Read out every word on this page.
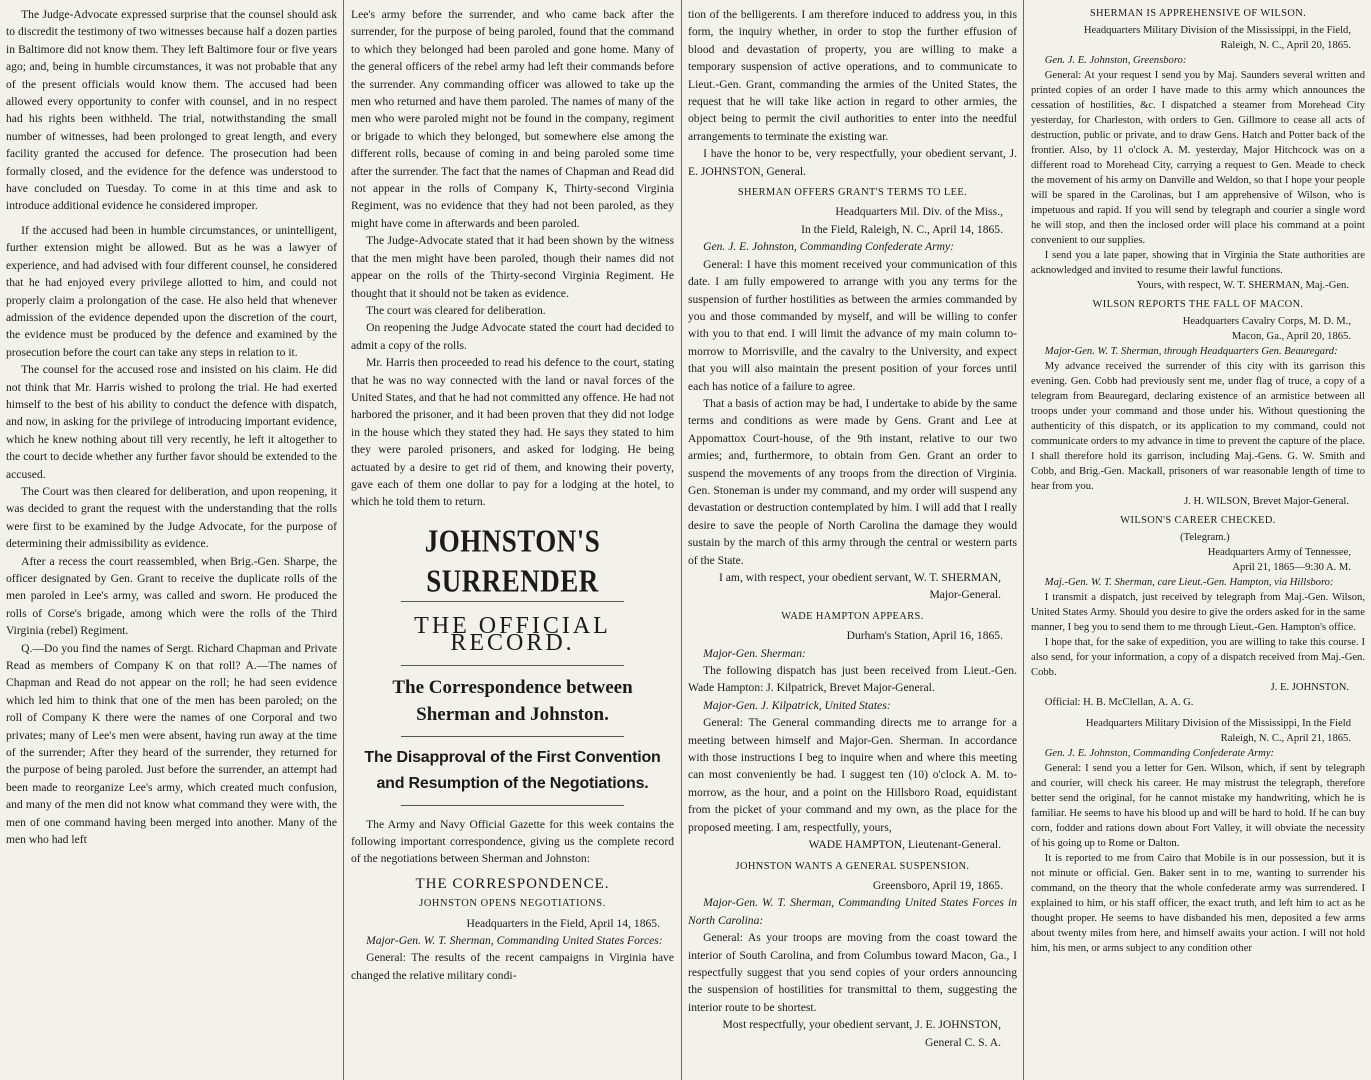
The Judge-Advocate expressed surprise that the counsel should ask to discredit the testimony of two witnesses because half a dozen parties in Baltimore did not know them. They left Baltimore four or five years ago; and, being in humble circumstances, it was not probable that any of the present officials would know them. The accused had been allowed every opportunity to confer with counsel, and in no respect had his rights been withheld. The trial, notwithstanding the small number of witnesses, had been prolonged to great length, and every facility granted the accused for defence. The prosecution had been formally closed, and the evidence for the defence was understood to have concluded on Tuesday. To come in at this time and ask to introduce additional evidence he considered improper.

If the accused had been in humble circumstances, or unintelligent, further extension might be allowed. But as he was a lawyer of experience, and had advised with four different counsel, he considered that he had enjoyed every privilege allotted to him, and could not properly claim a prolongation of the case. He also held that whenever admission of the evidence depended upon the discretion of the court, the evidence must be produced by the defence and examined by the prosecution before the court can take any steps in relation to it.

The counsel for the accused rose and insisted on his claim. He did not think that Mr. Harris wished to prolong the trial. He had exerted himself to the best of his ability to conduct the defence with dispatch, and now, in asking for the privilege of introducing important evidence, which he knew nothing about till very recently, he left it altogether to the court to decide whether any further favor should be extended to the accused.

The Court was then cleared for deliberation, and upon reopening, it was decided to grant the request with the understanding that the rolls were first to be examined by the Judge Advocate, for the purpose of determining their admissibility as evidence.

After a recess the court reassembled, when Brig.-Gen. Sharpe, the officer designated by Gen. Grant to receive the duplicate rolls of the men paroled in Lee's army, was called and sworn. He produced the rolls of Corse's brigade, among which were the rolls of the Third Virginia (rebel) Regiment.

Q.—Do you find the names of Sergt. Richard Chapman and Private Read as members of Company K on that roll? A.—The names of Chapman and Read do not appear on the roll; he had seen evidence which led him to think that one of the men has been paroled; on the roll of Company K there were the names of one Corporal and two privates; many of Lee's men were absent, having run away at the time of the surrender; After they heard of the surrender, they returned for the purpose of being paroled. Just before the surrender, an attempt had been made to reorganize Lee's army, which created much confusion, and many of the men did not know what command they were with, the men of one command having been merged into another. Many of the men who had left

Lee's army before the surrender, and who came back after the surrender, for the purpose of being paroled, found that the command to which they belonged had been paroled and gone home. Many of the general officers of the rebel army had left their commands before the surrender. Any commanding officer was allowed to take up the men who returned and have them paroled. The names of many of the men who were paroled might not be found in the company, regiment or brigade to which they belonged, but somewhere else among the different rolls, because of coming in and being paroled some time after the surrender. The fact that the names of Chapman and Read did not appear in the rolls of Company K, Thirty-second Virginia Regiment, was no evidence that they had not been paroled, as they might have come in afterwards and been paroled.

The Judge-Advocate stated that it had been shown by the witness that the men might have been paroled, though their names did not appear on the rolls of the Thirty-second Virginia Regiment. He thought that it should not be taken as evidence.

The court was cleared for deliberation.

On reopening the Judge Advocate stated the court had decided to admit a copy of the rolls.

Mr. Harris then proceeded to read his defence to the court, stating that he was no way connected with the land or naval forces of the United States, and that he had not committed any offence. He had not harbored the prisoner, and it had been proven that they did not lodge in the house which they stated they had. He says they stated to him they were paroled prisoners, and asked for lodging. He being actuated by a desire to get rid of them, and knowing their poverty, gave each of them one dollar to pay for a lodging at the hotel, to which he told them to return.

JOHNSTON'S SURRENDER
THE OFFICIAL RECORD.
The Correspondence between Sherman and Johnston.
The Disapproval of the First Convention and Resumption of the Negotiations.

The Army and Navy Official Gazette for this week contains the following important correspondence, giving us the complete record of the negotiations between Sherman and Johnston:

THE CORRESPONDENCE.
JOHNSTON OPENS NEGOTIATIONS.

Headquarters in the Field, April 14, 1865.

Major-Gen. W. T. Sherman, Commanding United States Forces:

General: The results of the recent campaigns in Virginia have changed the relative military condi-

tion of the belligerents. I am therefore induced to address you, in this form, the inquiry whether, in order to stop the further effusion of blood and devastation of property, you are willing to make a temporary suspension of active operations, and to communicate to Lieut.-Gen. Grant, commanding the armies of the United States, the request that he will take like action in regard to other armies, the object being to permit the civil authorities to enter into the needful arrangements to terminate the existing war.

I have the honor to be, very respectfully, your obedient servant, J. E. JOHNSTON, General.

SHERMAN OFFERS GRANT'S TERMS TO LEE.

Headquarters Mil. Div. of the Miss.,

In the Field, Raleigh, N. C., April 14, 1865.

Gen. J. E. Johnston, Commanding Confederate Army:

General: I have this moment received your communication of this date. I am fully empowered to arrange with you any terms for the suspension of further hostilities as between the armies commanded by you and those commanded by myself, and will be willing to confer with you to that end. I will limit the advance of my main column to-morrow to Morrisville, and the cavalry to the University, and expect that you will also maintain the present position of your forces until each has notice of a failure to agree.

That a basis of action may be had, I undertake to abide by the same terms and conditions as were made by Gens. Grant and Lee at Appomattox Court-house, of the 9th instant, relative to our two armies; and, furthermore, to obtain from Gen. Grant an order to suspend the movements of any troops from the direction of Virginia. Gen. Stoneman is under my command, and my order will suspend any devastation or destruction contemplated by him. I will add that I really desire to save the people of North Carolina the damage they would sustain by the march of this army through the central or western parts of the State.

I am, with respect, your obedient servant, W. T. SHERMAN, Major-General.

WADE HAMPTON APPEARS.

Durham's Station, April 16, 1865.

Major-Gen. Sherman:

The following dispatch has just been received from Lieut.-Gen. Wade Hampton: J. Kilpatrick, Brevet Major-General.

Major-Gen. J. Kilpatrick, United States:

General: The General commanding directs me to arrange for a meeting between himself and Major-Gen. Sherman. In accordance with those instructions I beg to inquire when and where this meeting can most conveniently be had. I suggest ten (10) o'clock A. M. to-morrow, as the hour, and a point on the Hillsboro Road, equidistant from the picket of your command and my own, as the place for the proposed meeting. I am, respectfully, yours,

WADE HAMPTON, Lieutenant-General.

JOHNSTON WANTS A GENERAL SUSPENSION.

Greensboro, April 19, 1865.

Major-Gen. W. T. Sherman, Commanding United States Forces in North Carolina:

General: As your troops are moving from the coast toward the interior of South Carolina, and from Columbus toward Macon, Ga., I respectfully suggest that you send copies of your orders announcing the suspension of hostilities for transmittal to them, suggesting the interior route to be shortest.

Most respectfully, your obedient servant, J. E. JOHNSTON, General C. S. A.

SHERMAN IS APPREHENSIVE OF WILSON.

Headquarters Military Division of the Mississippi, in the Field,

Raleigh, N. C., April 20, 1865.

Gen. J. E. Johnston, Greensboro:

General: At your request I send you by Maj. Saunders several written and printed copies of an order I have made to this army which announces the cessation of hostilities, &c. I dispatched a steamer from Morehead City yesterday, for Charleston, with orders to Gen. Gillmore to cease all acts of destruction, public or private, and to draw Gens. Hatch and Potter back of the frontier. Also, by 11 o'clock A. M. yesterday, Major Hitchcock was on a different road to Morehead City, carrying a request to Gen. Meade to check the movement of his army on Danville and Weldon, so that I hope your people will be spared in the Carolinas, but I am apprehensive of Wilson, who is impetuous and rapid. If you will send by telegraph and courier a single word he will stop, and then the inclosed order will place his command at a point convenient to our supplies.

I send you a late paper, showing that in Virginia the State authorities are acknowledged and invited to resume their lawful functions.

Yours, with respect, W. T. SHERMAN, Maj.-Gen.

WILSON REPORTS THE FALL OF MACON.

Headquarters Cavalry Corps, M. D. M.,

Macon, Ga., April 20, 1865.

Major-Gen. W. T. Sherman, through Headquarters Gen. Beauregard:

My advance received the surrender of this city with its garrison this evening. Gen. Cobb had previously sent me, under flag of truce, a copy of a telegram from Beauregard, declaring existence of an armistice between all troops under your command and those under his. Without questioning the authenticity of this dispatch, or its application to my command, could not communicate orders to my advance in time to prevent the capture of the place. I shall therefore hold its garrison, including Maj.-Gens. G. W. Smith and Cobb, and Brig.-Gen. Mackall, prisoners of war reasonable length of time to hear from you.

J. H. WILSON, Brevet Major-General.

WILSON'S CAREER CHECKED.

(Telegram.)

Headquarters Army of Tennessee,

April 21, 1865—9:30 A. M.

Maj.-Gen. W. T. Sherman, care Lieut.-Gen. Hampton, via Hillsboro:

I transmit a dispatch, just received by telegraph from Maj.-Gen. Wilson, United States Army. Should you desire to give the orders asked for in the same manner, I beg you to send them to me through Lieut.-Gen. Hampton's office.

I hope that, for the sake of expedition, you are willing to take this course. I also send, for your information, a copy of a dispatch received from Maj.-Gen. Cobb.

J. E. JOHNSTON.

Official: H. B. McClellan, A. A. G.

Headquarters Military Division of the Mississippi, In the Field

Raleigh, N. C., April 21, 1865.

Gen. J. E. Johnston, Commanding Confederate Army:

General: I send you a letter for Gen. Wilson, which, if sent by telegraph and courier, will check his career. He may mistrust the telegraph, therefore better send the original, for he cannot mistake my handwriting, which he is familiar. He seems to have his blood up and will be hard to hold. If he can buy corn, fodder and rations down about Fort Valley, it will obviate the necessity of his going up to Rome or Dalton.

It is reported to me from Cairo that Mobile is in our possession, but it is not minute or official. Gen. Baker sent in to me, wanting to surrender his command, on the theory that the whole confederate army was surrendered. I explained to him, or his staff officer, the exact truth, and left him to act as he thought proper. He seems to have disbanded his men, deposited a few arms about twenty miles from here, and himself awaits your action. I will not hold him, his men, or arms subject to any condition other
